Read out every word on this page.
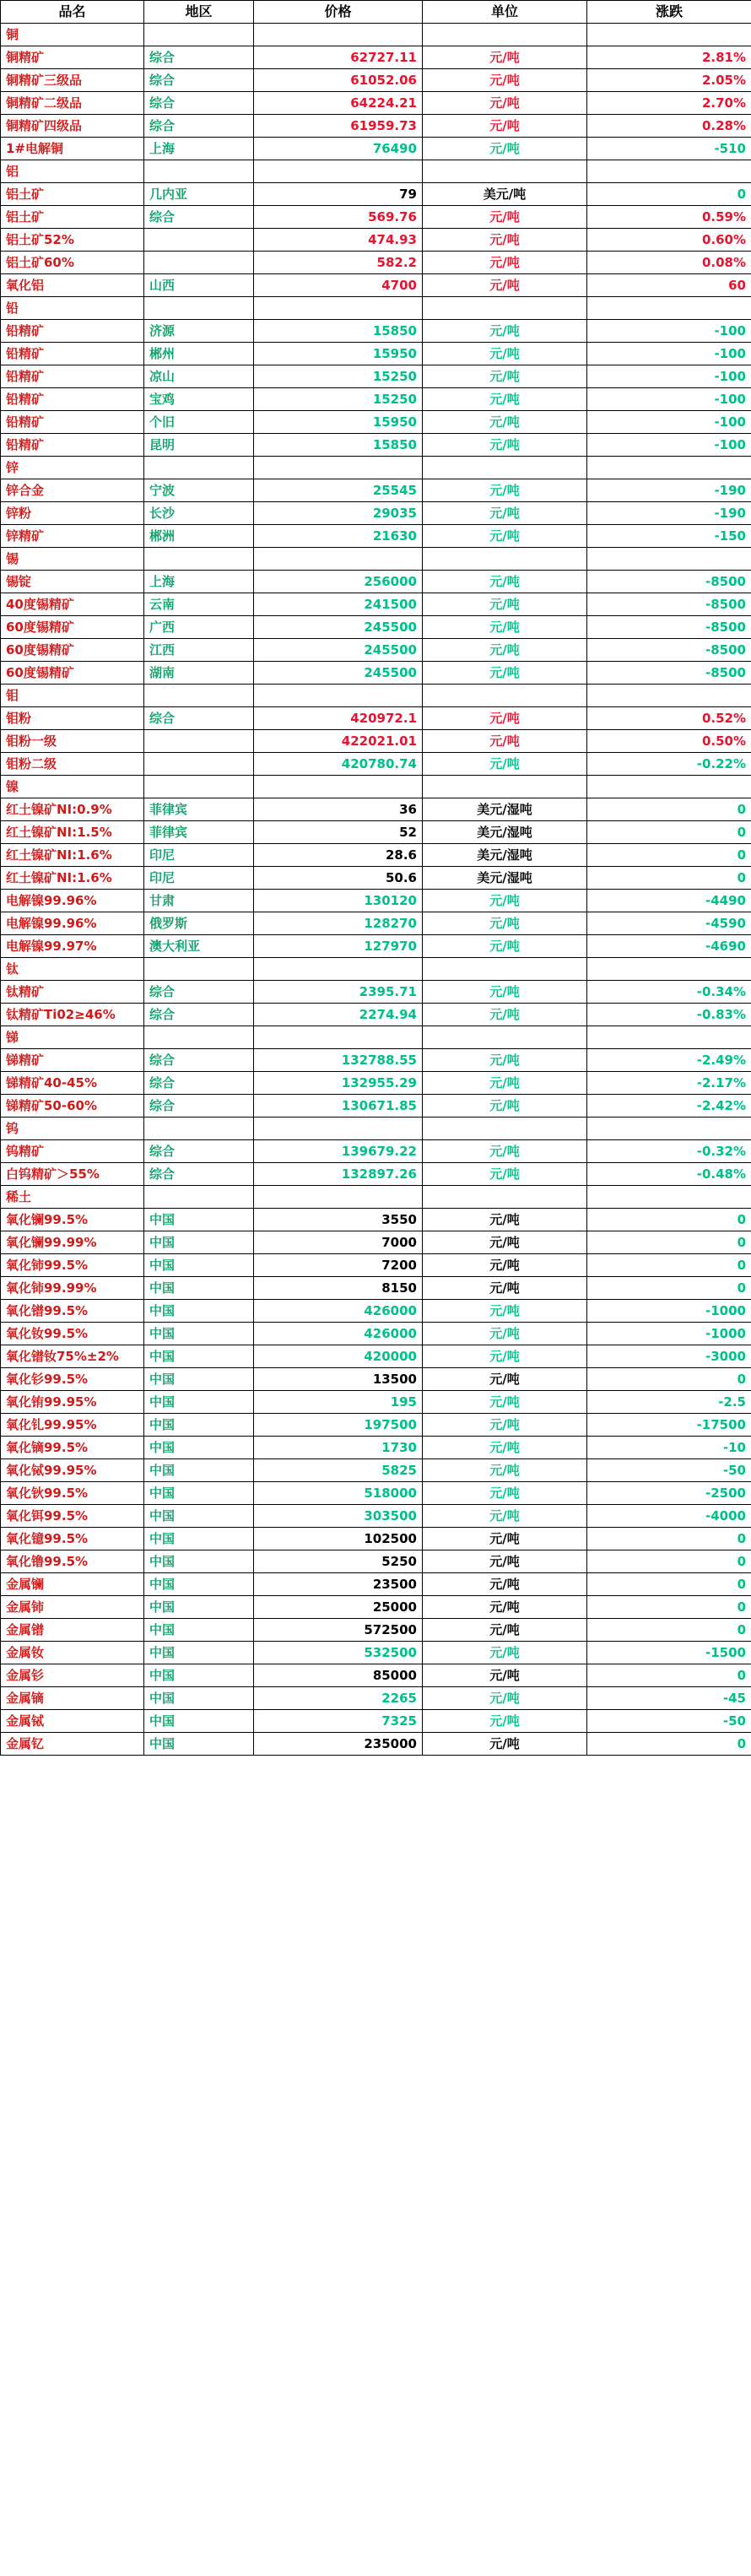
品名	地区	价格	单位	涨跌
铜				
铜精矿	综合	62727.11	元/吨	2.81%
铜精矿三级品	综合	61052.06	元/吨	2.05%
铜精矿二级品	综合	64224.21	元/吨	2.70%
铜精矿四级品	综合	61959.73	元/吨	0.28%
1#电解铜	上海	76490	元/吨	-510
铝				
铝土矿	几内亚	79	美元/吨	0
铝土矿	综合	569.76	元/吨	0.59%
铝土矿52%		474.93	元/吨	0.60%
铝土矿60%		582.2	元/吨	0.08%
氧化铝	山西	4700	元/吨	60
铅				
铅精矿	济源	15850	元/吨	-100
铅精矿	郴州	15950	元/吨	-100
铅精矿	凉山	15250	元/吨	-100
铅精矿	宝鸡	15250	元/吨	-100
铅精矿	个旧	15950	元/吨	-100
铅精矿	昆明	15850	元/吨	-100
锌				
锌合金	宁波	25545	元/吨	-190
锌粉	长沙	29035	元/吨	-190
锌精矿	郴洲	21630	元/吨	-150
锡				
锡锭	上海	256000	元/吨	-8500
40度锡精矿	云南	241500	元/吨	-8500
60度锡精矿	广西	245500	元/吨	-8500
60度锡精矿	江西	245500	元/吨	-8500
60度锡精矿	湖南	245500	元/吨	-8500
钼				
钼粉	综合	420972.1	元/吨	0.52%
钼粉一级		422021.01	元/吨	0.50%
钼粉二级		420780.74	元/吨	-0.22%
镍				
红土镍矿NI:0.9%	菲律宾	36	美元/湿吨	0
红土镍矿NI:1.5%	菲律宾	52	美元/湿吨	0
红土镍矿NI:1.6%	印尼	28.6	美元/湿吨	0
红土镍矿NI:1.6%	印尼	50.6	美元/湿吨	0
电解镍99.96%	甘肃	130120	元/吨	-4490
电解镍99.96%	俄罗斯	128270	元/吨	-4590
电解镍99.97%	澳大利亚	127970	元/吨	-4690
钛				
钛精矿	综合	2395.71	元/吨	-0.34%
钛精矿Ti02≥46%	综合	2274.94	元/吨	-0.83%
锑				
锑精矿	综合	132788.55	元/吨	-2.49%
锑精矿40-45%	综合	132955.29	元/吨	-2.17%
锑精矿50-60%	综合	130671.85	元/吨	-2.42%
钨				
钨精矿	综合	139679.22	元/吨	-0.32%
白钨精矿＞55%	综合	132897.26	元/吨	-0.48%
稀土				
氧化镧99.5%	中国	3550	元/吨	0
氧化镧99.99%	中国	7000	元/吨	0
氧化铈99.5%	中国	7200	元/吨	0
氧化铈99.99%	中国	8150	元/吨	0
氧化镨99.5%	中国	426000	元/吨	-1000
氧化钕99.5%	中国	426000	元/吨	-1000
氧化镨钕75%±2%	中国	420000	元/吨	-3000
氧化钐99.5%	中国	13500	元/吨	0
氧化铕99.95%	中国	195	元/吨	-2.5
氧化钆99.95%	中国	197500	元/吨	-17500
氧化镝99.5%	中国	1730	元/吨	-10
氧化铽99.95%	中国	5825	元/吨	-50
氧化钬99.5%	中国	518000	元/吨	-2500
氧化铒99.5%	中国	303500	元/吨	-4000
氧化镱99.5%	中国	102500	元/吨	0
氧化镥99.5%	中国	5250	元/吨	0
金属镧	中国	23500	元/吨	0
金属铈	中国	25000	元/吨	0
金属镨	中国	572500	元/吨	0
金属钕	中国	532500	元/吨	-1500
金属钐	中国	85000	元/吨	0
金属镝	中国	2265	元/吨	-45
金属铽	中国	7325	元/吨	-50
金属钇	中国	235000	元/吨	0
